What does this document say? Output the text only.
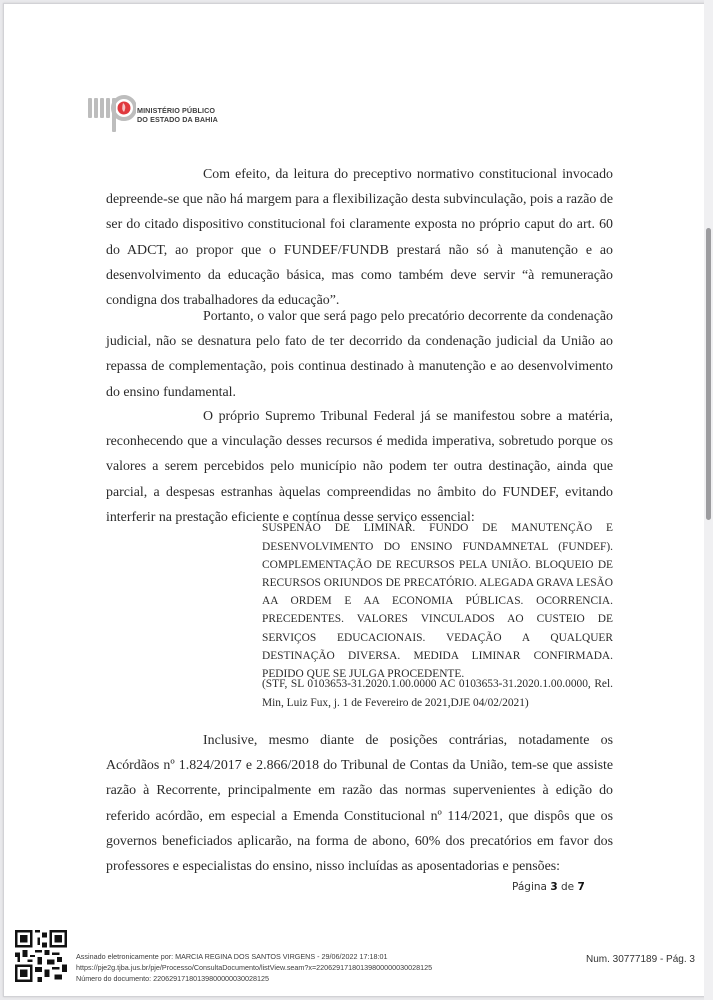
MINISTÉRIO PÚBLICO
DO ESTADO DA BAHIA

Com efeito, da leitura do preceptivo normativo constitucional invocado depreende-se que não há margem para a flexibilização desta subvinculação, pois a razão de ser do citado dispositivo constitucional foi claramente exposta no próprio caput do art. 60 do ADCT, ao propor que o FUNDEF/FUNDB prestará não só à manutenção e ao desenvolvimento da educação básica, mas como também deve servir “à remuneração condigna dos trabalhadores da educação”.

Portanto, o valor que será pago pelo precatório decorrente da condenação judicial, não se desnatura pelo fato de ter decorrido da condenação judicial da União ao repassa de complementação, pois continua destinado à manutenção e ao desenvolvimento do ensino fundamental.

O próprio Supremo Tribunal Federal já se manifestou sobre a matéria, reconhecendo que a vinculação desses recursos é medida imperativa, sobretudo porque os valores a serem percebidos pelo município não podem ter outra destinação, ainda que parcial, a despesas estranhas àquelas compreendidas no âmbito do FUNDEF, evitando interferir na prestação eficiente e contínua desse serviço essencial:

SUSPENÃO DE LIMINAR. FUNDO DE MANUTENÇÃO E DESENVOLVIMENTO DO ENSINO FUNDAMNETAL (FUNDEF). COMPLEMENTAÇÃO DE RECURSOS PELA UNIÃO. BLOQUEIO DE RECURSOS ORIUNDOS DE PRECATÓRIO. ALEGADA GRAVA LESÃO AA ORDEM E AA ECONOMIA PÚBLICAS. OCORRENCIA. PRECEDENTES. VALORES VINCULADOS AO CUSTEIO DE SERVIÇOS EDUCACIONAIS. VEDAÇÃO A QUALQUER DESTINAÇÃO DIVERSA. MEDIDA LIMINAR CONFIRMADA. PEDIDO QUE SE JULGA PROCEDENTE.

(STF, SL 0103653-31.2020.1.00.0000 AC 0103653-31.2020.1.00.0000, Rel. Min, Luiz Fux, j. 1 de Fevereiro de 2021,DJE 04/02/2021)

Inclusive, mesmo diante de posições contrárias, notadamente os Acórdãos nº 1.824/2017 e 2.866/2018 do Tribunal de Contas da União, tem-se que assiste razão à Recorrente, principalmente em razão das normas supervenientes à edição do referido acórdão, em especial a Emenda Constitucional nº 114/2021, que dispôs que os governos beneficiados aplicarão, na forma de abono, 60% dos precatórios em favor dos professores e especialistas do ensino, nisso incluídas as aposentadorias e pensões:

Página 3 de 7
Assinado eletronicamente por: MARCIA REGINA DOS SANTOS VIRGENS - 29/06/2022 17:18:01
https://pje2g.tjba.jus.br/pje/Processo/ConsultaDocumento/listView.seam?x=22062917180139800000030028125
Número do documento: 22062917180139800000030028125
Num. 30777189 - Pág. 3
